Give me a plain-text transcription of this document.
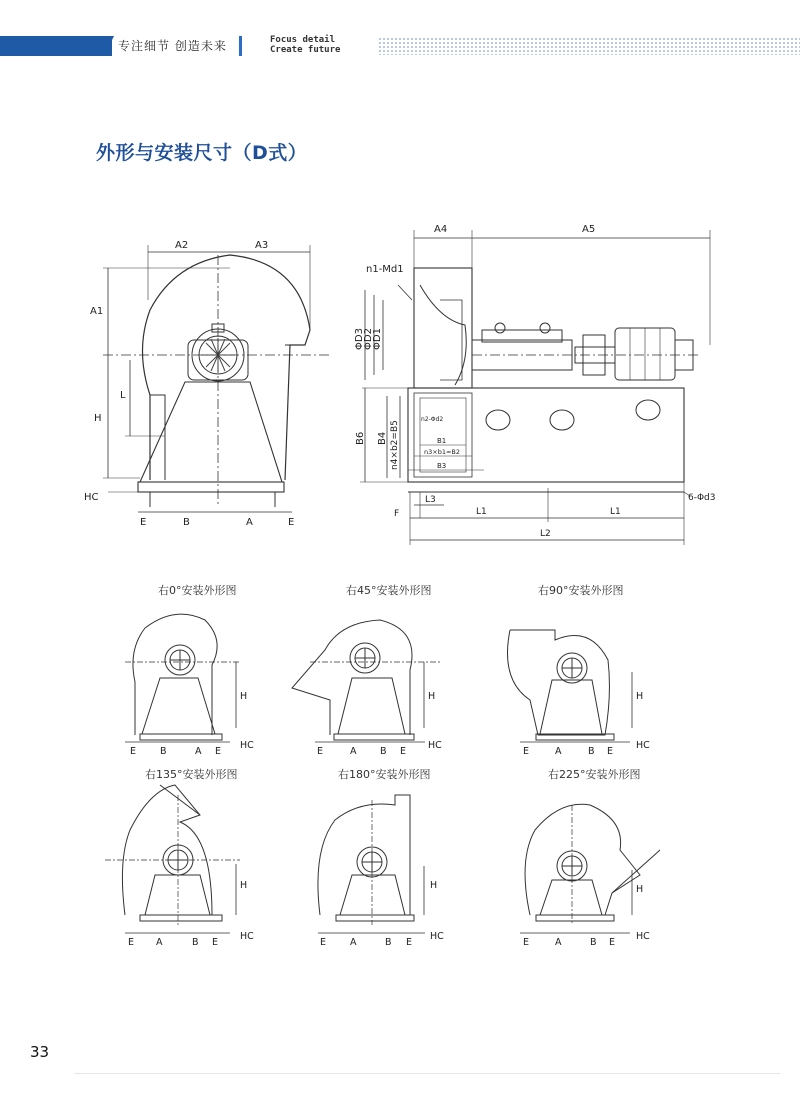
专注细节 创造未来	Focus detail
Create future
外形与安装尺寸（D式）
A2	A3
A1
H
L
HC
E	B	A	E
A4	A5
n1-Md1
ΦD3
ΦD2
ΦD1
B6 B4 n4×b2=B5
n2-Φd2
B1
n3×b1=B2
B3
L3
F	L1	L1
L2
6-Φd3
右0°安装外形图	右45°安装外形图	右90°安装外形图
右135°安装外形图	右180°安装外形图	右225°安装外形图
H
HC
E	B	A E
H
HC
E	A B E
H
HC
E	A	B E
H
HC
E A	B E
H
HC
E	A	B E
H
HC
E	A	B E
33
